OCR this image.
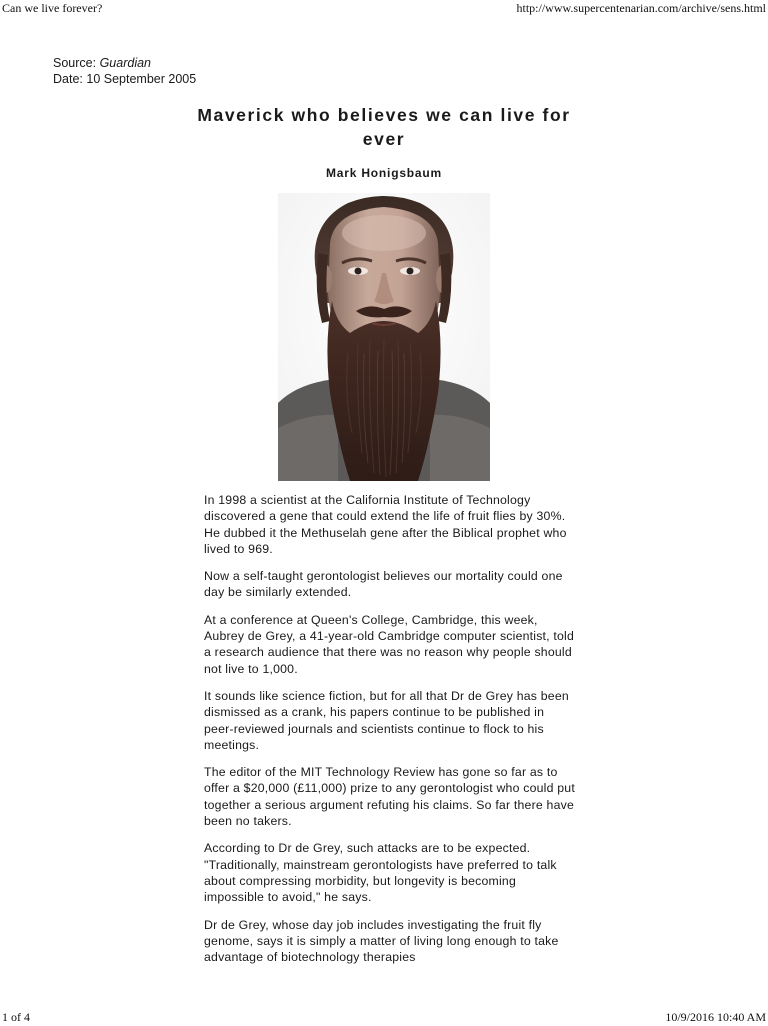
Can we live forever?	http://www.supercentenarian.com/archive/sens.html
Source: Guardian
Date: 10 September 2005
Maverick who believes we can live for ever
Mark Honigsbaum

In 1998 a scientist at the California Institute of Technology discovered a gene that could extend the life of fruit flies by 30%. He dubbed it the Methuselah gene after the Biblical prophet who lived to 969.

Now a self-taught gerontologist believes our mortality could one day be similarly extended.

At a conference at Queen's College, Cambridge, this week, Aubrey de Grey, a 41-year-old Cambridge computer scientist, told a research audience that there was no reason why people should not live to 1,000.

It sounds like science fiction, but for all that Dr de Grey has been dismissed as a crank, his papers continue to be published in peer-reviewed journals and scientists continue to flock to his meetings.

The editor of the MIT Technology Review has gone so far as to offer a $20,000 (£11,000) prize to any gerontologist who could put together a serious argument refuting his claims. So far there have been no takers.

According to Dr de Grey, such attacks are to be expected. "Traditionally, mainstream gerontologists have preferred to talk about compressing morbidity, but longevity is becoming impossible to avoid," he says.

Dr de Grey, whose day job includes investigating the fruit fly genome, says it is simply a matter of living long enough to take advantage of biotechnology therapies

1 of 4	10/9/2016 10:40 AM
